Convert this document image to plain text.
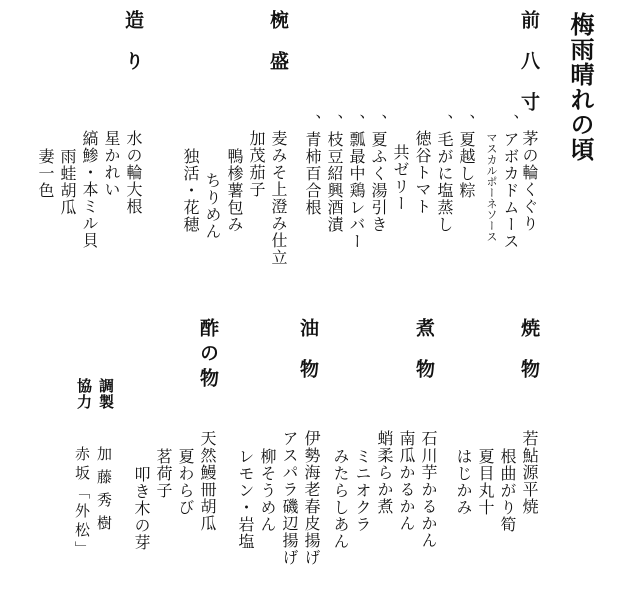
梅雨晴れの頃
前八寸
茅の輪くぐり
、アボカドムース
マスカルポーネソース
、夏越し粽
、毛がに塩蒸し
徳谷トマト
共ゼリー
、夏ふく湯引き
、瓢最中鶏レバー
、枝豆紹興酒漬
、青柿百合根
椀盛
麦みそ上澄み仕立
加茂茄子
鴨椮薯包み
ちりめん
独活・花穂
造り
水の輪大根
星かれい
縞鯵・本ミル貝
雨蛙胡瓜
妻一色
焼物
若鮎源平焼
根曲がり筍
夏目丸十
はじかみ
煮物
石川芋かるかん
南瓜かるかん
蛸柔らか煮
ミニオクラ
みたらしあん
油物
伊勢海老春皮揚げ
アスパラ磯辺揚げ
柳そうめん
レモン・岩塩
酢の物
天然鰻冊胡瓜
夏わらび
茗荷子
叩き木の芽
調製
協力
加藤秀樹
赤坂「外松」
